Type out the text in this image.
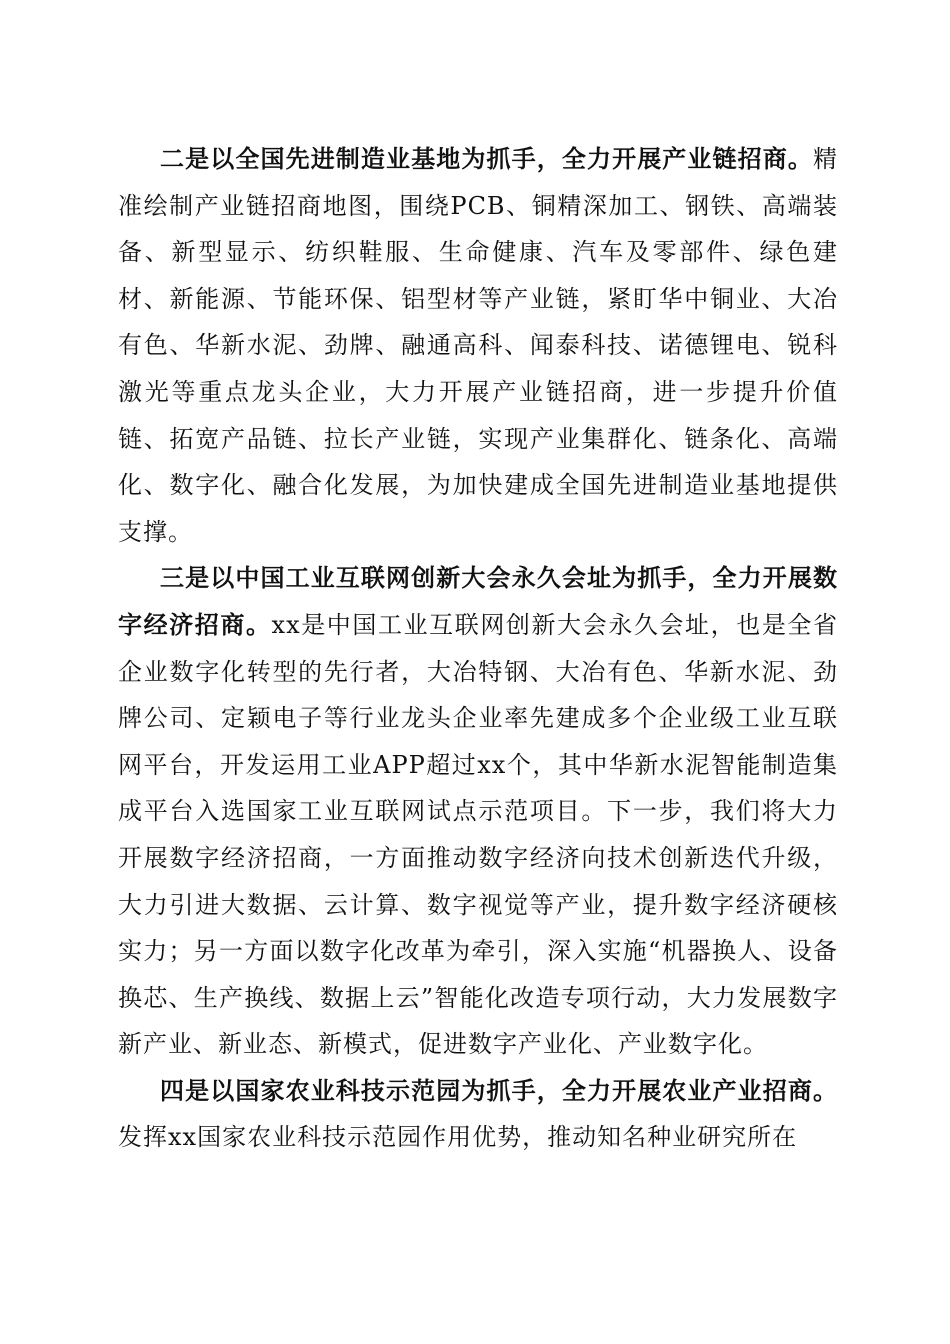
二是以全国先进制造业基地为抓手，全力开展产业链招商。精准绘制产业链招商地图，围绕PCB、铜精深加工、钢铁、高端装备、新型显示、纺织鞋服、生命健康、汽车及零部件、绿色建材、新能源、节能环保、铝型材等产业链，紧盯华中铜业、大冶有色、华新水泥、劲牌、融通高科、闻泰科技、诺德锂电、锐科激光等重点龙头企业，大力开展产业链招商，进一步提升价值链、拓宽产品链、拉长产业链，实现产业集群化、链条化、高端化、数字化、融合化发展，为加快建成全国先进制造业基地提供支撑。

三是以中国工业互联网创新大会永久会址为抓手，全力开展数字经济招商。xx是中国工业互联网创新大会永久会址，也是全省企业数字化转型的先行者，大冶特钢、大冶有色、华新水泥、劲牌公司、定颖电子等行业龙头企业率先建成多个企业级工业互联网平台，开发运用工业APP超过xx个，其中华新水泥智能制造集成平台入选国家工业互联网试点示范项目。下一步，我们将大力开展数字经济招商，一方面推动数字经济向技术创新迭代升级，大力引进大数据、云计算、数字视觉等产业，提升数字经济硬核实力；另一方面以数字化改革为牵引，深入实施“机器换人、设备换芯、生产换线、数据上云”智能化改造专项行动，大力发展数字新产业、新业态、新模式，促进数字产业化、产业数字化。

四是以国家农业科技示范园为抓手，全力开展农业产业招商。发挥xx国家农业科技示范园作用优势，推动知名种业研究所在
